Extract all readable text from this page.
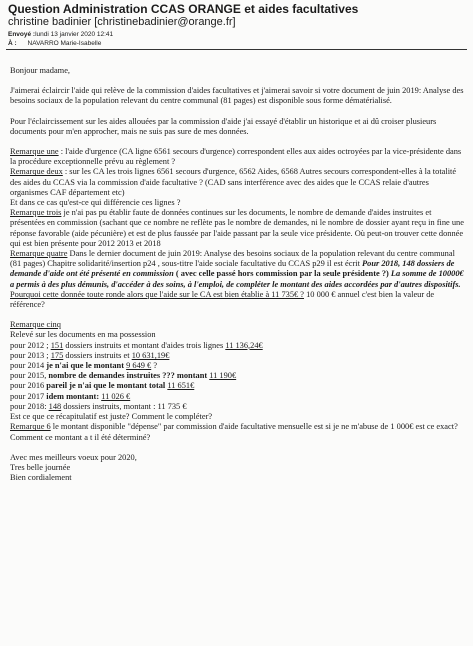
Question Administration CCAS ORANGE et aides facultatives
christine badinier [christinebadinier@orange.fr]
Envoyé :lundi 13 janvier 2020 12:41
À : NAVARRO Marie-Isabelle

Bonjour madame,

J'aimerai éclaircir l'aide qui relève de la commission d'aides facultatives et j'aimerai savoir si votre document de juin 2019: Analyse des besoins sociaux de la population relevant du centre communal (81 pages) est disponible sous forme dématérialisé.

Pour l'éclaircissement sur les aides allouées par la commission d'aide j'ai essayé d'établir un historique et ai dû croiser plusieurs documents pour m'en approcher, mais ne suis pas sure de mes données.

Remarque une : l'aide d'urgence (CA ligne 6561 secours d'urgence) correspondent elles aux aides octroyées par la vice-présidente dans la procédure exceptionnelle prévu au règlement ?

Remarque deux : sur les CA les trois lignes 6561 secours d'urgence, 6562 Aides, 6568 Autres secours correspondent-elles à la totalité des aides du CCAS via la commission d'aide facultative ? (CAD sans interférence avec des aides que le CCAS relaie d'autres organismes CAF département etc)

Et dans ce cas qu'est-ce qui différencie ces lignes ?

Remarque trois je n'ai pas pu établir faute de données continues sur les documents, le nombre de demande d'aides instruites et présentées en commission (sachant que ce nombre ne reflète pas le nombre de demandes, ni le nombre de dossier ayant reçu in fine une réponse favorable (aide pécunière) et est de plus faussée par l'aide passant par la seule vice présidente. Où peut-on trouver cette donnée qui est bien présente pour 2012 2013 et 2018

Remarque quatre Dans le dernier document de juin 2019: Analyse des besoins sociaux de la population relevant du centre communal (81 pages) Chapitre solidarité/insertion p24 , sous-titre l'aide sociale facultative du CCAS p29 il est écrit Pour 2018, 148 dossiers de demande d'aide ont été présenté en commission ( avec celle passé hors commission par la seule présidente ?) La somme de 10000€ a permis à des plus démunis, d'accéder à des soins, à l'emploi, de compléter le montant des aides accordées par d'autres dispositifs. Pourquoi cette donnée toute ronde alors que l'aide sur le CA est bien établie à 11 735€ ? 10 000 € annuel c'est bien la valeur de référence?

Remarque cinq

Relevé sur les documents en ma possession

pour 2012 ; 151 dossiers instruits et montant d'aides trois lignes 11 136,24€

pour 2013 ; 175 dossiers instruits et 10 631,19€

pour 2014 je n'ai que le montant 9 649 € ?

pour 2015, nombre de demandes instruites ??? montant 11 190€

pour 2016 pareil je n'ai que le montant total 11 651€

pour 2017 idem montant: 11 026 €

pour 2018: 148 dossiers instruits, montant : 11 735 €

Est ce que ce récapitulatif est juste? Comment le compléter?

Remarque 6 le montant disponible "dépense" par commission d'aide facultative mensuelle est si je ne m'abuse de 1 000€ est ce exact? Comment ce montant a t il été déterminé?

Avec mes meilleurs voeux pour 2020,

Tres belle journée

Bien cordialement
